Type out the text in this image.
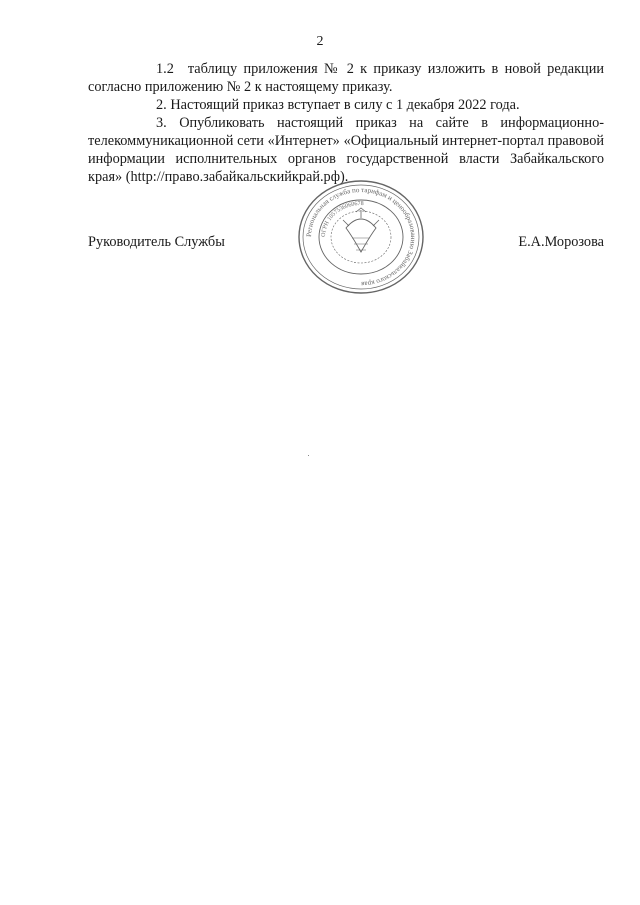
2

1.2 таблицу приложения № 2 к приказу изложить в новой редакции согласно приложению № 2 к настоящему приказу.

2. Настоящий приказ вступает в силу с 1 декабря 2022 года.

3. Опубликовать настоящий приказ на сайте в информационно-телекоммуникационной сети «Интернет» «Официальный интернет-портал правовой информации исполнительных органов государственной власти Забайкальского края» (http://право.забайкальскийкрай.рф).

Руководитель Службы	Е.А.Морозова
Региональная служба по тарифам и ценообразованию Забайкальского края
ОГРН 1057536060678
